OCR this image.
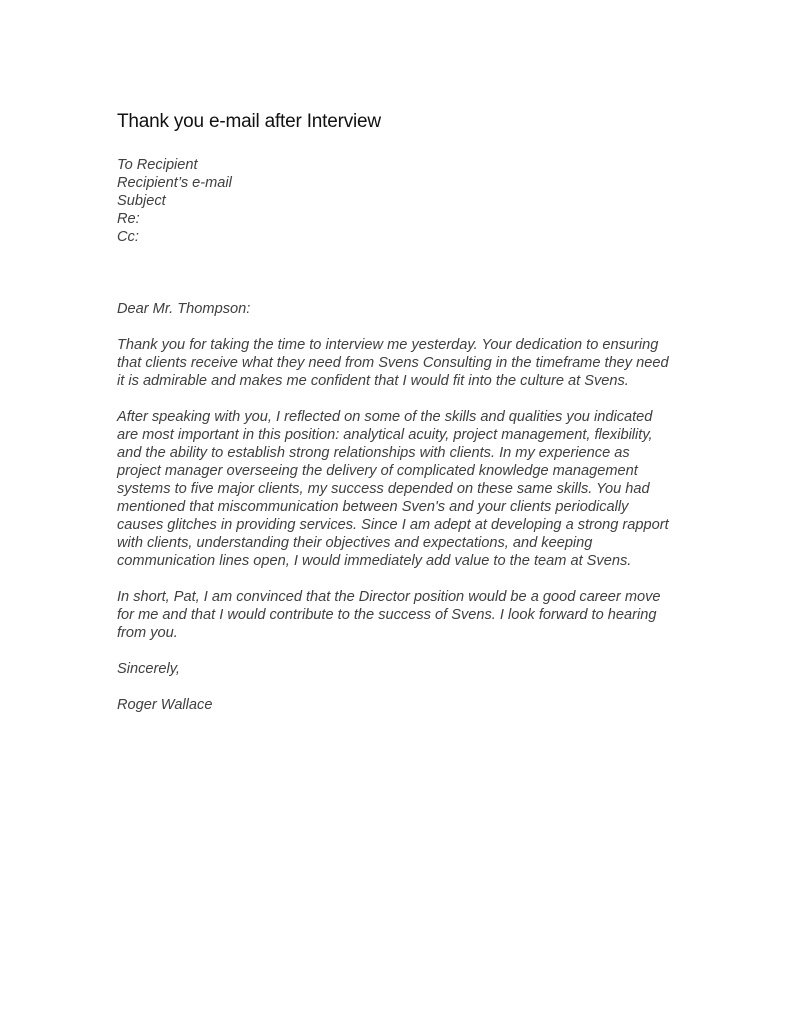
Thank you e-mail after Interview
To Recipient
Recipient’s e-mail
Subject
Re:
Cc:
Dear Mr. Thompson:

Thank you for taking the time to interview me yesterday. Your dedication to ensuring that clients receive what they need from Svens Consulting in the timeframe they need it is admirable and makes me confident that I would fit into the culture at Svens.

After speaking with you, I reflected on some of the skills and qualities you indicated are most important in this position: analytical acuity, project management, flexibility, and the ability to establish strong relationships with clients. In my experience as project manager overseeing the delivery of complicated knowledge management systems to five major clients, my success depended on these same skills. You had mentioned that miscommunication between Sven's and your clients periodically causes glitches in providing services. Since I am adept at developing a strong rapport with clients, understanding their objectives and expectations, and keeping communication lines open, I would immediately add value to the team at Svens.

In short, Pat, I am convinced that the Director position would be a good career move for me and that I would contribute to the success of Svens. I look forward to hearing from you.

Sincerely,
Roger Wallace
